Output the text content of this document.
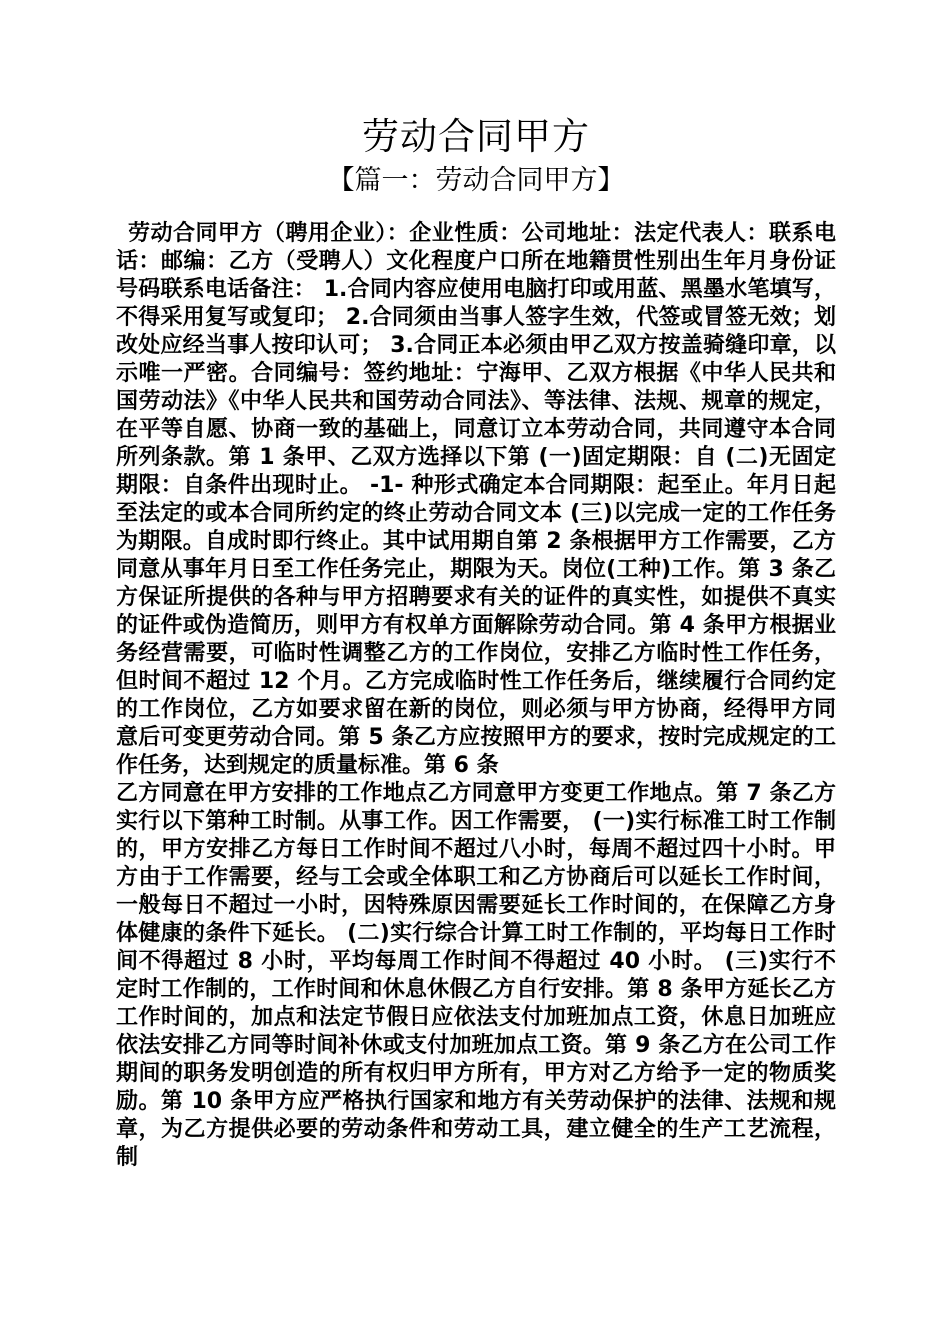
劳动合同甲方
【篇一：劳动合同甲方】

劳动合同甲方（聘用企业）：企业性质：公司地址：法定代表人：联系电话：邮编：乙方（受聘人）文化程度户口所在地籍贯性别出生年月身份证号码联系电话备注： 1.合同内容应使用电脑打印或用蓝、黑墨水笔填写，不得采用复写或复印； 2.合同须由当事人签字生效，代签或冒签无效；划改处应经当事人按印认可； 3.合同正本必须由甲乙双方按盖骑缝印章，以示唯一严密。合同编号：签约地址：宁海甲、乙双方根据《中华人民共和国劳动法》《中华人民共和国劳动合同法》、等法律、法规、规章的规定，在平等自愿、协商一致的基础上，同意订立本劳动合同，共同遵守本合同所列条款。第 1 条甲、乙双方选择以下第 (一)固定期限：自 (二)无固定期限：自条件出现时止。 -1- 种形式确定本合同期限：起至止。年月日起至法定的或本合同所约定的终止劳动合同文本 (三)以完成一定的工作任务为期限。自成时即行终止。其中试用期自第 2 条根据甲方工作需要，乙方同意从事年月日至工作任务完止，期限为天。岗位(工种)工作。第 3 条乙方保证所提供的各种与甲方招聘要求有关的证件的真实性，如提供不真实的证件或伪造简历，则甲方有权单方面解除劳动合同。第 4 条甲方根据业务经营需要，可临时性调整乙方的工作岗位，安排乙方临时性工作任务，但时间不超过 12 个月。乙方完成临时性工作任务后，继续履行合同约定的工作岗位，乙方如要求留在新的岗位，则必须与甲方协商，经得甲方同意后可变更劳动合同。第 5 条乙方应按照甲方的要求，按时完成规定的工作任务，达到规定的质量标准。第 6 条

乙方同意在甲方安排的工作地点乙方同意甲方变更工作地点。第 7 条乙方实行以下第种工时制。从事工作。因工作需要， (一)实行标准工时工作制的，甲方安排乙方每日工作时间不超过八小时，每周不超过四十小时。甲方由于工作需要，经与工会或全体职工和乙方协商后可以延长工作时间，一般每日不超过一小时，因特殊原因需要延长工作时间的，在保障乙方身体健康的条件下延长。 (二)实行综合计算工时工作制的，平均每日工作时间不得超过 8 小时，平均每周工作时间不得超过 40 小时。 (三)实行不定时工作制的，工作时间和休息休假乙方自行安排。第 8 条甲方延长乙方工作时间的，加点和法定节假日应依法支付加班加点工资，休息日加班应依法安排乙方同等时间补休或支付加班加点工资。第 9 条乙方在公司工作期间的职务发明创造的所有权归甲方所有，甲方对乙方给予一定的物质奖励。第 10 条甲方应严格执行国家和地方有关劳动保护的法律、法规和规章，为乙方提供必要的劳动条件和劳动工具，建立健全的生产工艺流程，制
